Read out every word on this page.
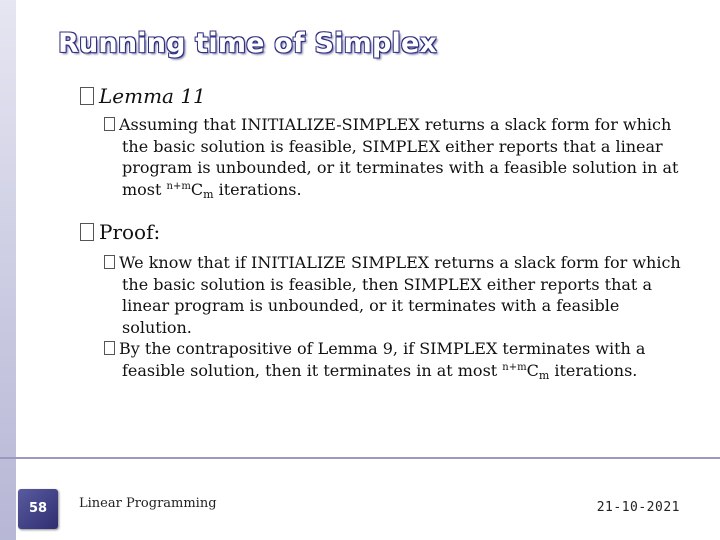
Running time of Simplex
Lemma 11
Assuming that INITIALIZE-SIMPLEX returns a slack form for which the basic solution is feasible, SIMPLEX either reports that a linear program is unbounded, or it terminates with a feasible solution in at most $^{n+m}C_m$ iterations.
Proof:
We know that if INITIALIZE SIMPLEX returns a slack form for which the basic solution is feasible, then SIMPLEX either reports that a linear program is unbounded, or it terminates with a feasible solution.
By the contrapositive of Lemma 9, if SIMPLEX terminates with a feasible solution, then it terminates in at most $^{n+m}C_m$ iterations.
58	Linear Programming	21-10-2021
